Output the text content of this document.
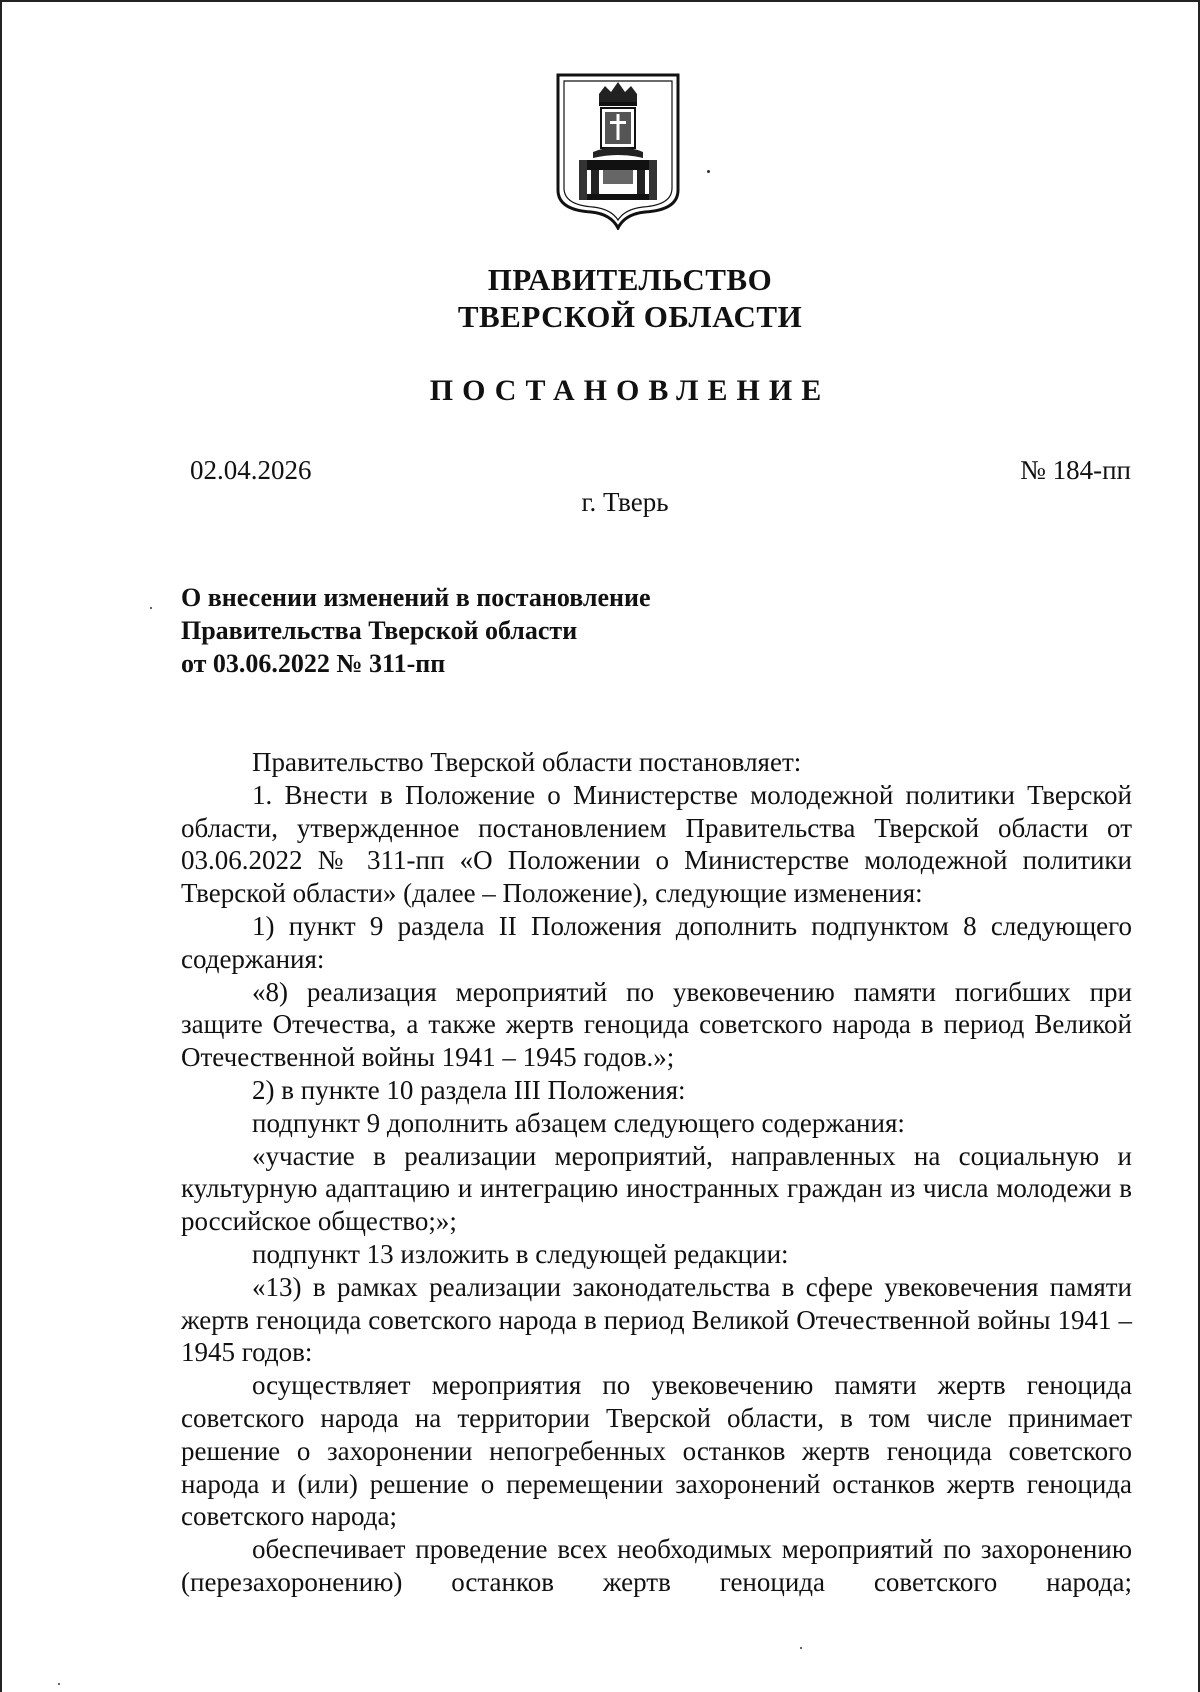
ПРАВИТЕЛЬСТВО
ТВЕРСКОЙ ОБЛАСТИ
ПОСТАНОВЛЕНИЕ
02.04.2026	№ 184-пп
г. Тверь
О внесении изменений в постановление
Правительства Тверской области
от 03.06.2022 № 311-пп

Правительство Тверской области постановляет:

1. Внести в Положение о Министерстве молодежной политики Тверской области, утвержденное постановлением Правительства Тверской области от 03.06.2022 № 311-пп «О Положении о Министерстве молодежной политики Тверской области» (далее – Положение), следующие изменения:

1) пункт 9 раздела II Положения дополнить подпунктом 8 следующего содержания:

«8) реализация мероприятий по увековечению памяти погибших при защите Отечества, а также жертв геноцида советского народа в период Великой Отечественной войны 1941 – 1945 годов.»;

2) в пункте 10 раздела III Положения:

подпункт 9 дополнить абзацем следующего содержания:

«участие в реализации мероприятий, направленных на социальную и культурную адаптацию и интеграцию иностранных граждан из числа молодежи в российское общество;»;

подпункт 13 изложить в следующей редакции:

«13) в рамках реализации законодательства в сфере увековечения памяти жертв геноцида советского народа в период Великой Отечественной войны 1941 – 1945 годов:

осуществляет мероприятия по увековечению памяти жертв геноцида советского народа на территории Тверской области, в том числе принимает решение о захоронении непогребенных останков жертв геноцида советского народа и (или) решение о перемещении захоронений останков жертв геноцида советского народа;

обеспечивает проведение всех необходимых мероприятий по захоронению (перезахоронению) останков жертв геноцида советского народа;
